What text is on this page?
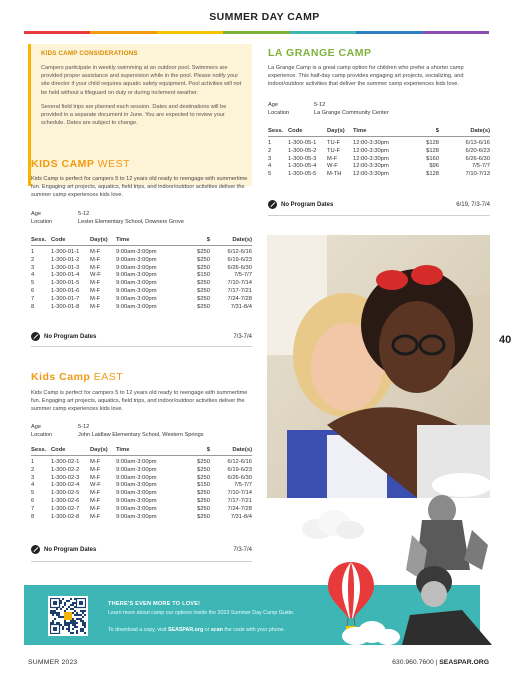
SUMMER DAY CAMP
KIDS CAMP CONSIDERATIONS
Campers participate in weekly swimming at an outdoor pool. Swimmers are provided proper assistance and supervision while in the pool. Please notify your site director if your child requires aquatic safety equipment. Pool activities will not be held without a lifeguard on duty or during inclement weather.
Several field trips are planned each session. Dates and destinations will be provided in a separate document in June. You are expected to review your schedule. Dates are subject to change.
KIDS CAMP WEST
Kids Camp is perfect for campers 5 to 12 years old ready to reengage with summertime fun. Engaging art projects, aquatics, field trips, and indoor/outdoor activities deliver the summer camp experiences kids love.
Age	5-12
Location	Lester Elementary School, Downers Grove
Sess. Code	Day(s)	Time	$	Date(s)
1	1-300-01-1	M-F	9:00am-3:00pm	$250	6/12-6/16
2	1-300-01-2	M-F	9:00am-3:00pm	$250	6/19-6/23
3	1-300-01-3	M-F	9:00am-3:00pm	$250	6/26-6/30
4	1-300-01-4	W-F	9:00am-3:00pm	$150	7/5-7/7
5	1-300-01-5	M-F	9:00am-3:00pm	$250	7/10-7/14
6	1-300-01-6	M-F	9:00am-3:00pm	$250	7/17-7/21
7	1-300-01-7	M-F	9:00am-3:00pm	$250	7/24-7/28
8	1-300-01-8	M-F	9:00am-3:00pm	$250	7/31-8/4
No Program Dates	7/3-7/4
Kids Camp EAST
Kids Camp is perfect for campers 5 to 12 years old ready to reengage with summertime fun. Engaging art projects, aquatics, field trips, and indoor/outdoor activities deliver the summer camp experiences kids love.
Age	5-12
Location	John Laidlaw Elementary School, Western Springs
Sess. Code	Day(s)	Time	$	Date(s)
1	1-300-02-1	M-F	9:00am-3:00pm	$250	6/12-6/16
2	1-300-02-2	M-F	9:00am-3:00pm	$250	6/19-6/23
3	1-300-02-3	M-F	9:00am-3:00pm	$250	6/26-6/30
4	1-300-02-4	W-F	9:00am-3:00pm	$150	7/5-7/7
5	1-300-02-5	M-F	9:00am-3:00pm	$250	7/10-7/14
6	1-300-02-6	M-F	9:00am-3:00pm	$250	7/17-7/21
7	1-300-02-7	M-F	9:00am-3:00pm	$250	7/24-7/28
8	1-300-02-8	M-F	9:00am-3:00pm	$250	7/31-8/4
No Program Dates	7/3-7/4
LA GRANGE CAMP
La Grange Camp is a great camp option for children who prefer a shorter camp experience. This half-day camp provides engaging art projects, socializing, and indoor/outdoor activities that deliver the summer camp experiences kids love.
Age	5-12
Location	La Grange Community Center
Sess. Code	Day(s)	Time	$	Date(s)
1	1-300-05-1	TU-F	12:00-3:30pm	$128	6/13-6/16
2	1-300-05-2	TU-F	12:00-3:30pm	$128	6/20-6/23
3	1-300-05-3	M-F	12:00-3:30pm	$160	6/26-6/30
4	1-300-05-4	W-F	12:00-3:30pm	$96	7/5-7/7
5	1-300-05-5	M-TH	12:00-3:30pm	$128	7/10-7/13
No Program Dates	6/19, 7/3-7/4
40
THERE'S EVEN MORE TO LOVE!
Learn more about camp our options inside the 2023 Summer Day Camp Guide.
To download a copy, visit SEASPAR.org or scan the code with your phone.
SUMMER 2023	630.960.7600 | SEASPAR.ORG
